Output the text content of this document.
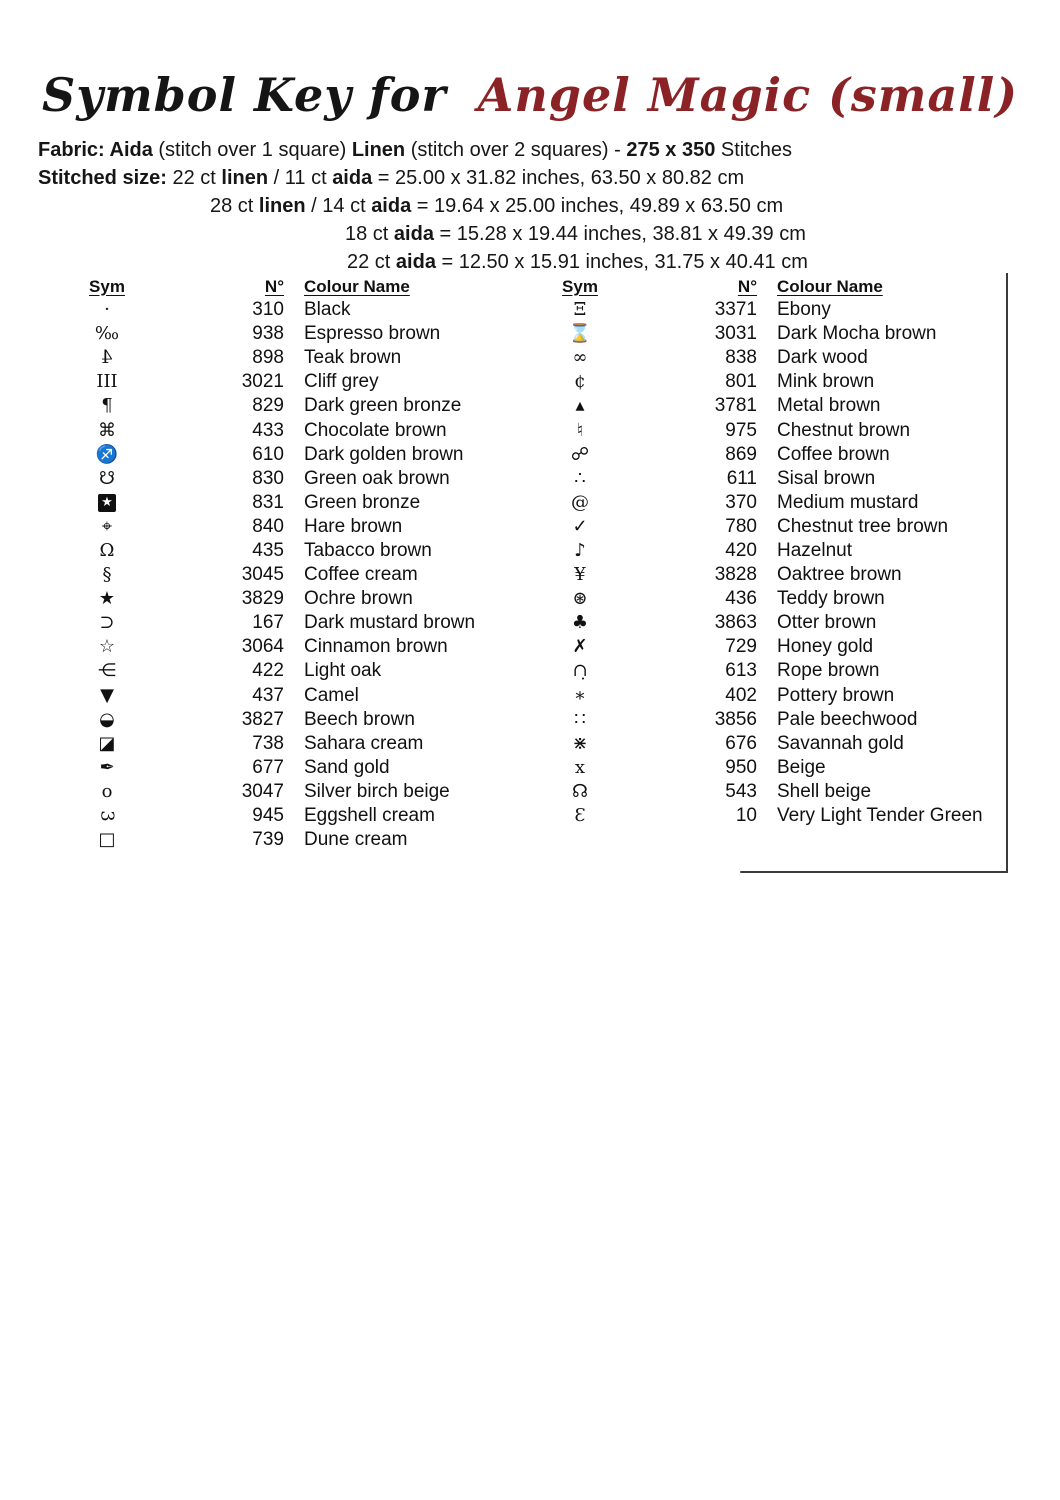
Symbol Key for Angel Magic (small)
Fabric: Aida (stitch over 1 square) Linen (stitch over 2 squares) - 275 x 350 Stitches
Stitched size: 22 ct linen / 11 ct aida = 25.00 x 31.82 inches, 63.50 x 80.82 cm
28 ct linen / 14 ct aida = 19.64 x 25.00 inches, 49.89 x 63.50 cm
18 ct aida = 15.28 x 19.44 inches, 38.81 x 49.39 cm
22 ct aida = 12.50 x 15.91 inches, 31.75 x 40.41 cm
Sym	N° Colour Name
·	310 Black
‰	938 Espresso brown
4	898 Teak brown
III	3021 Cliff grey
¶	829 Dark green bronze
⌘	433 Chocolate brown
♐	610 Dark golden brown
☋	830 Green oak brown
★	831 Green bronze
⌖	840 Hare brown
Ω	435 Tabacco brown
§	3045 Coffee cream
★	3829 Ochre brown
⊃	167 Dark mustard brown
☆	3064 Cinnamon brown
⋲	422 Light oak
▼	437 Camel
◒	3827 Beech brown
◪	738 Sahara cream
✒	677 Sand gold
o	3047 Silver birch beige
3	945 Eggshell cream
□	739 Dune cream
Sym	N° Colour Name
Ξ	3371 Ebony
⌛	3031 Dark Mocha brown
∞	838 Dark wood
¢	801 Mink brown
▴	3781 Metal brown
♮	975 Chestnut brown
☍	869 Coffee brown
∴	611 Sisal brown
@	370 Medium mustard
✓	780 Chestnut tree brown
♪	420 Hazelnut
¥	3828 Oaktree brown
⊛	436 Teddy brown
♣	3863 Otter brown
✗	729 Honey gold
∩̣	613 Rope brown
∗	402 Pottery brown
∷	3856 Pale beechwood
⋇	676 Savannah gold
x	950 Beige
☊	543 Shell beige
Ɛ	10 Very Light Tender Green
